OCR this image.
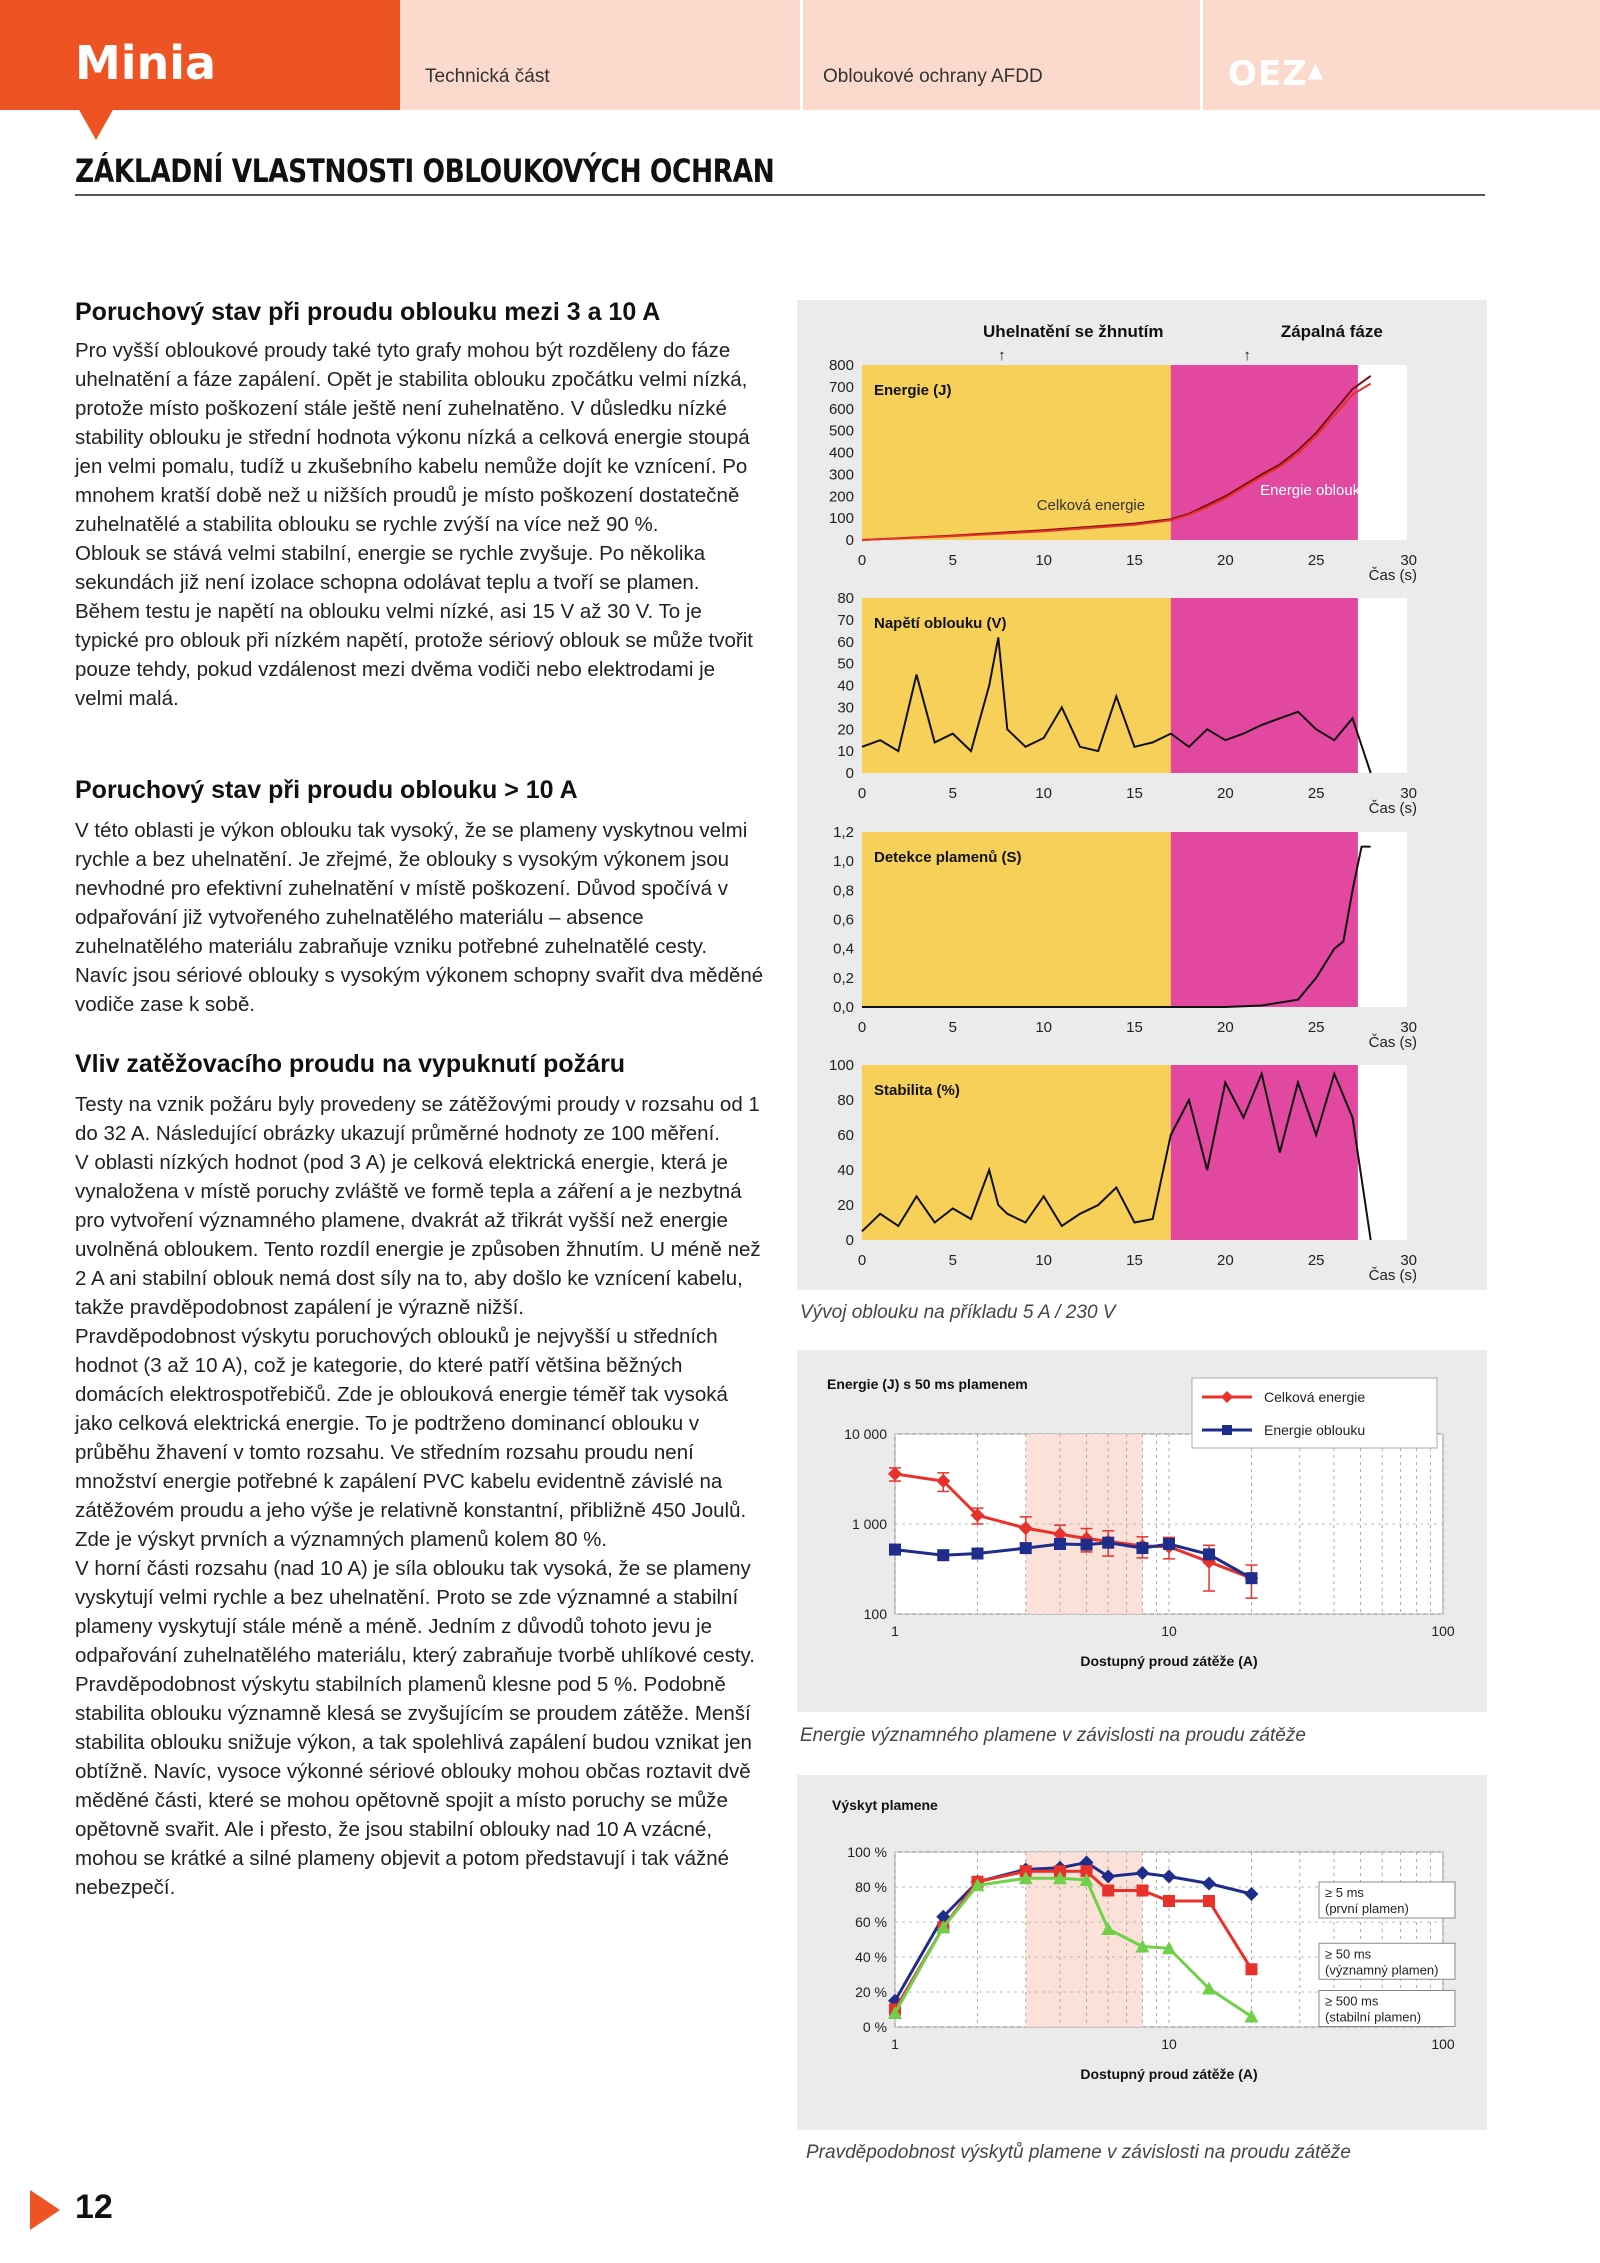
Minia	Technická část	Obloukové ochrany AFDD	OEZ▲
ZÁKLADNÍ VLASTNOSTI OBLOUKOVÝCH OCHRAN
Poruchový stav při proudu oblouku mezi 3 a 10 A

Pro vyšší obloukové proudy také tyto grafy mohou být rozděleny do fáze uhelnatění a fáze zapálení. Opět je stabilita oblouku zpočátku velmi nízká, protože místo poškození stále ještě není zuhelnatěno. V důsledku nízké stability oblouku je střední hodnota výkonu nízká a celková energie stoupá jen velmi pomalu, tudíž u zkušebního kabelu nemůže dojít ke vznícení. Po mnohem kratší době než u nižších proudů je místo poškození dostatečně zuhelnatělé a stabilita oblouku se rychle zvýší na více než 90 %.

Oblouk se stává velmi stabilní, energie se rychle zvyšuje. Po několika sekundách již není izolace schopna odolávat teplu a tvoří se plamen. Během testu je napětí na oblouku velmi nízké, asi 15 V až 30 V. To je typické pro oblouk při nízkém napětí, protože sériový oblouk se může tvořit pouze tehdy, pokud vzdálenost mezi dvěma vodiči nebo elektrodami je velmi malá.

Poruchový stav při proudu oblouku > 10 A

V této oblasti je výkon oblouku tak vysoký, že se plameny vyskytnou velmi rychle a bez uhelnatění. Je zřejmé, že oblouky s vysokým výkonem jsou nevhodné pro efektivní zuhelnatění v místě poškození. Důvod spočívá v odpařování již vytvořeného zuhelnatělého materiálu – absence zuhelnatělého materiálu zabraňuje vzniku potřebné zuhelnatělé cesty. Navíc jsou sériové oblouky s vysokým výkonem schopny svařit dva měděné vodiče zase k sobě.

Vliv zatěžovacího proudu na vypuknutí požáru

Testy na vznik požáru byly provedeny se zátěžovými proudy v rozsahu od 1 do 32 A. Následující obrázky ukazují průměrné hodnoty ze 100 měření.

V oblasti nízkých hodnot (pod 3 A) je celková elektrická energie, která je vynaložena v místě poruchy zvláště ve formě tepla a záření a je nezbytná pro vytvoření významného plamene, dvakrát až třikrát vyšší než energie uvolněná obloukem. Tento rozdíl energie je způsoben žhnutím. U méně než 2 A ani stabilní oblouk nemá dost síly na to, aby došlo ke vznícení kabelu, takže pravděpodobnost zapálení je výrazně nižší.

Pravděpodobnost výskytu poruchových oblouků je nejvyšší u středních hodnot (3 až 10 A), což je kategorie, do které patří většina běžných domácích elektrospotřebičů. Zde je oblouková energie téměř tak vysoká jako celková elektrická energie. To je podtrženo dominancí oblouku v průběhu žhavení v tomto rozsahu. Ve středním rozsahu proudu není množství energie potřebné k zapálení PVC kabelu evidentně závislé na zátěžovém proudu a jeho výše je relativně konstantní, přibližně 450 Joulů. Zde je výskyt prvních a významných plamenů kolem 80 %.

V horní části rozsahu (nad 10 A) je síla oblouku tak vysoká, že se plameny vyskytují velmi rychle a bez uhelnatění. Proto se zde významné a stabilní plameny vyskytují stále méně a méně. Jedním z důvodů tohoto jevu je odpařování zuhelnatělého materiálu, který zabraňuje tvorbě uhlíkové cesty. Pravděpodobnost výskytu stabilních plamenů klesne pod 5 %. Podobně stabilita oblouku významně klesá se zvyšujícím se proudem zátěže. Menší stabilita oblouku snižuje výkon, a tak spolehlivá zapálení budou vznikat jen obtížně. Navíc, vysoce výkonné sériové oblouky mohou občas roztavit dvě měděné části, které se mohou opětovně spojit a místo poruchy se může opětovně svařit. Ale i přesto, že jsou stabilní oblouky nad 10 A vzácné, mohou se krátké a silné plameny objevit a potom představují i tak vážné nebezpečí.

Uhelnatění se žhnutím	Zápalná fáze
↑	↑
0
100
200
300
400
500
600
700
800
0	5	10	15	20	25	30
Čas (s)
Energie (J)
Celková energie
Energie oblouku
0
10
20
30
40
50
60
70
80
0	5	10	15	20	25	30
Čas (s)
Napětí oblouku (V)
0,0
0,2
0,4
0,6
0,8
1,0
1,2
0	5	10	15	20	25	30
Čas (s)
Detekce plamenů (S)
0
20
40
60
80
100
0	5	10	15	20	25	30
Čas (s)
Stabilita (%)
Vývoj oblouku na příkladu 5 A / 230 V
100
1 000
10 000
1	10	100
Dostupný proud zátěže (A)
Energie (J) s 50 ms plamenem
Celková energie
Energie oblouku
Energie významného plamene v závislosti na proudu zátěže
0 %
20 %
40 %
60 %
80 %
100 %
1	10	100
Dostupný proud zátěže (A)
Výskyt plamene
≥ 5 ms
(první plamen)
≥ 50 ms
(významný plamen)
≥ 500 ms
(stabilní plamen)
Pravděpodobnost výskytů plamene v závislosti na proudu zátěže
12
